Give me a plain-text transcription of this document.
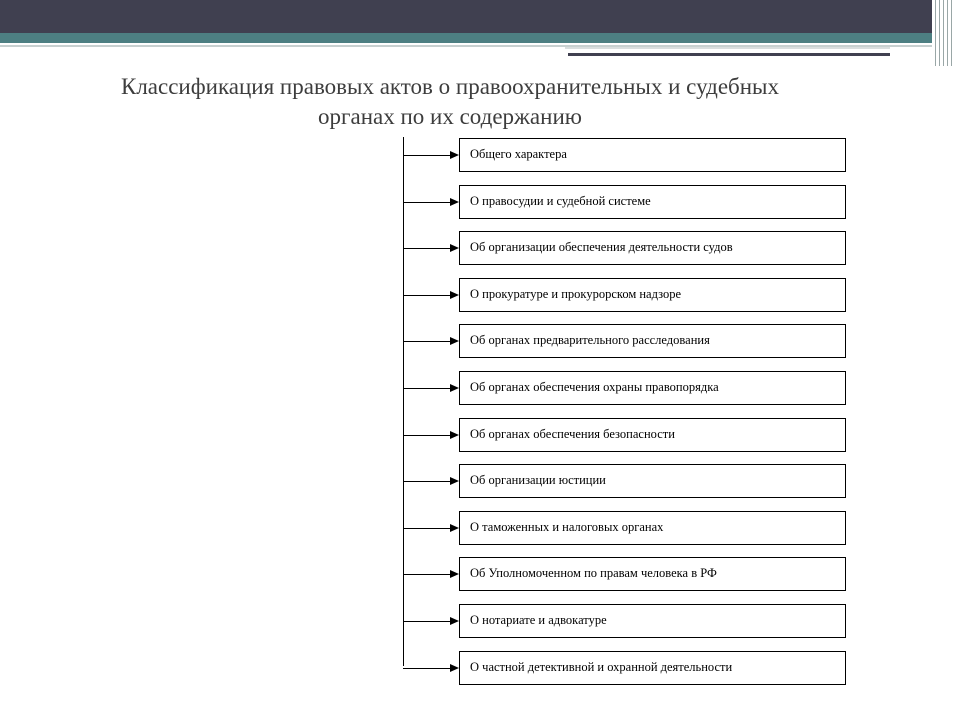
Классификация правовых актов о правоохранительных и судебных
органах по их содержанию
Общего характера
О правосудии и судебной системе
Об организации обеспечения деятельности судов
О прокуратуре и прокурорском надзоре
Об органах предварительного расследования
Об органах обеспечения охраны правопорядка
Об органах обеспечения безопасности
Об организации юстиции
О таможенных и налоговых органах
Об Уполномоченном по правам человека в РФ
О нотариате и адвокатуре
О частной детективной и охранной деятельности
